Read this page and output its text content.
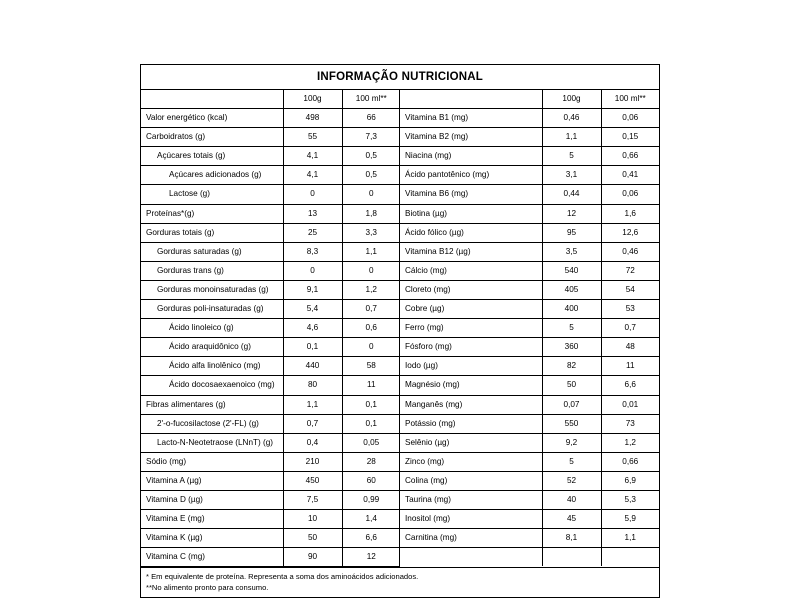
INFORMAÇÃO NUTRICIONAL
	100g	100 ml**
Valor energético (kcal)	498	66
Carboidratos (g)	55	7,3
Açúcares totais (g)	4,1	0,5
Açúcares adicionados (g)	4,1	0,5
Lactose (g)	0	0
Proteínas*(g)	13	1,8
Gorduras totais (g)	25	3,3
Gorduras saturadas (g)	8,3	1,1
Gorduras trans (g)	0	0
Gorduras monoinsaturadas (g)	9,1	1,2
Gorduras poli-insaturadas (g)	5,4	0,7
Ácido linoleico (g)	4,6	0,6
Ácido araquidônico (g)	0,1	0
Ácido alfa linolênico (mg)	440	58
Ácido docosaexaenoico (mg)	80	11
Fibras alimentares (g)	1,1	0,1
2'-o-fucosilactose (2'-FL) (g)	0,7	0,1
Lacto-N-Neotetraose (LNnT) (g)	0,4	0,05
Sódio (mg)	210	28
Vitamina A (µg)	450	60
Vitamina D (µg)	7,5	0,99
Vitamina E (mg)	10	1,4
Vitamina K (µg)	50	6,6
Vitamina C (mg)	90	12
	100g	100 ml**
Vitamina B1 (mg)	0,46	0,06
Vitamina B2 (mg)	1,1	0,15
Niacina (mg)	5	0,66
Ácido pantotênico (mg)	3,1	0,41
Vitamina B6 (mg)	0,44	0,06
Biotina (µg)	12	1,6
Ácido fólico (µg)	95	12,6
Vitamina B12 (µg)	3,5	0,46
Cálcio (mg)	540	72
Cloreto (mg)	405	54
Cobre (µg)	400	53
Ferro (mg)	5	0,7
Fósforo (mg)	360	48
Iodo (µg)	82	11
Magnésio (mg)	50	6,6
Manganês (mg)	0,07	0,01
Potássio (mg)	550	73
Selênio (µg)	9,2	1,2
Zinco (mg)	5	0,66
Colina (mg)	52	6,9
Taurina (mg)	40	5,3
Inositol (mg)	45	5,9
Carnitina (mg)	8,1	1,1

* Em equivalente de proteína. Representa a soma dos aminoácidos adicionados.
**No alimento pronto para consumo.
